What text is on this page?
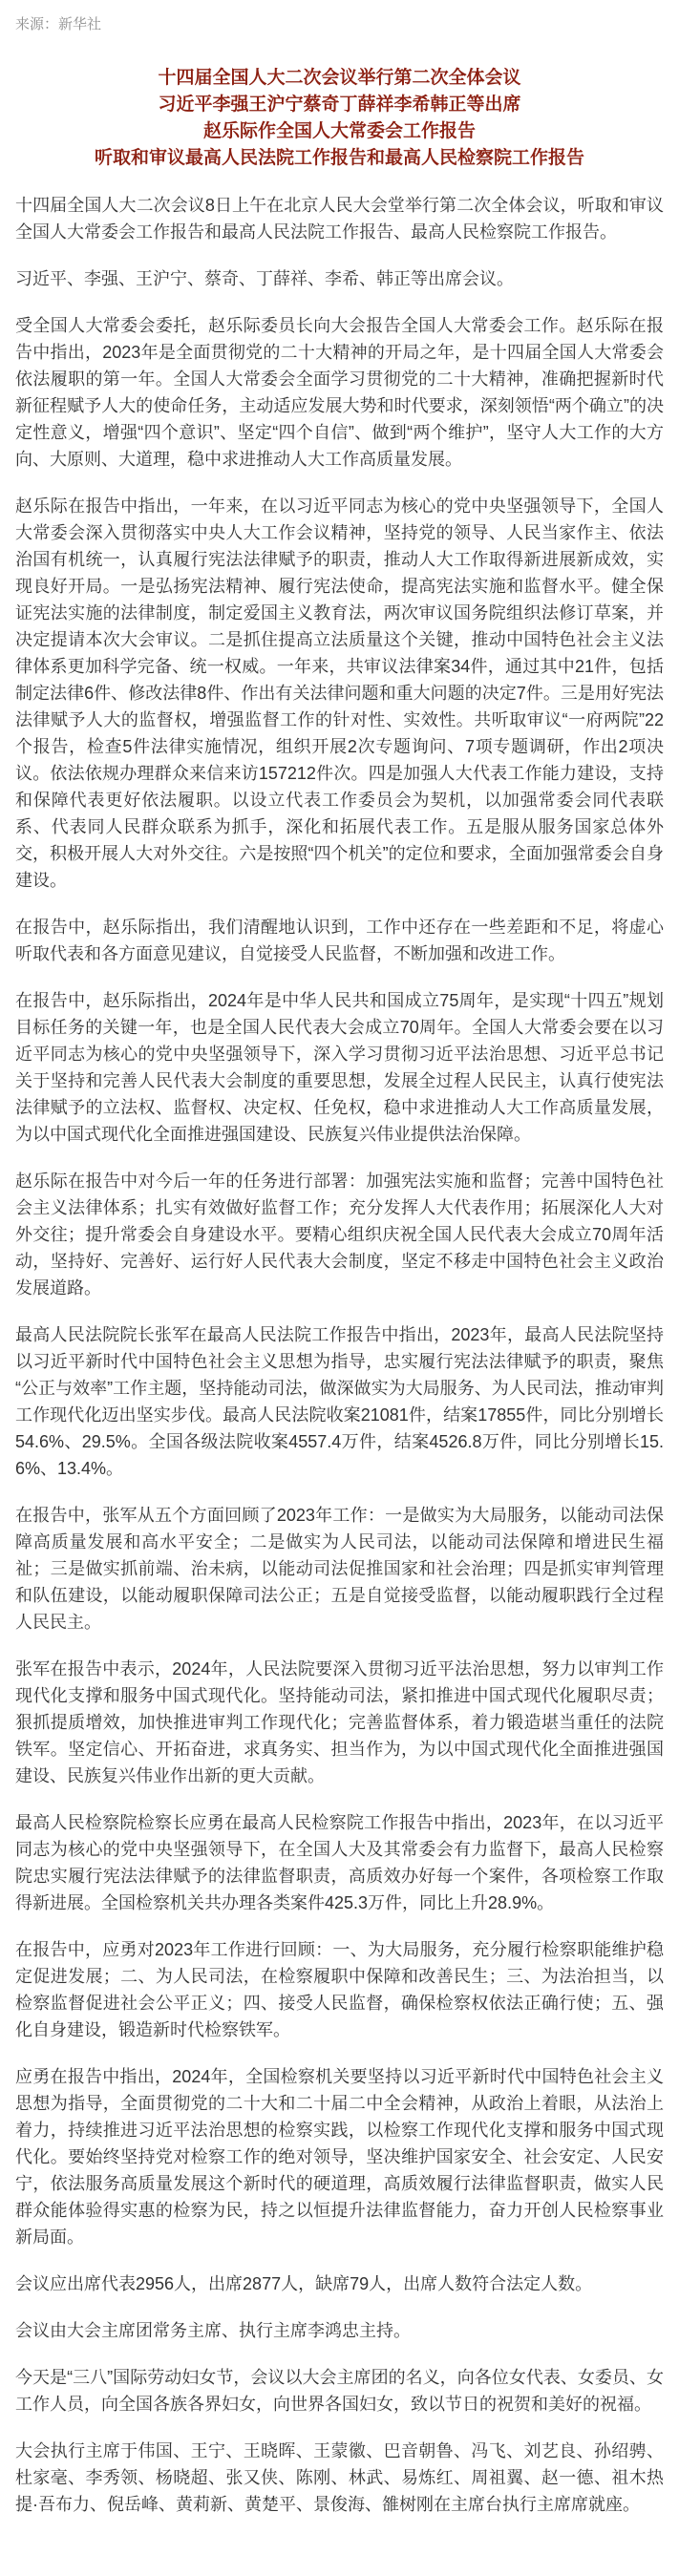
来源：新华社
十四届全国人大二次会议举行第二次全体会议
习近平李强王沪宁蔡奇丁薛祥李希韩正等出席
赵乐际作全国人大常委会工作报告
听取和审议最高人民法院工作报告和最高人民检察院工作报告

十四届全国人大二次会议8日上午在北京人民大会堂举行第二次全体会议，听取和审议全国人大常委会工作报告和最高人民法院工作报告、最高人民检察院工作报告。

习近平、李强、王沪宁、蔡奇、丁薛祥、李希、韩正等出席会议。

受全国人大常委会委托，赵乐际委员长向大会报告全国人大常委会工作。赵乐际在报告中指出，2023年是全面贯彻党的二十大精神的开局之年，是十四届全国人大常委会依法履职的第一年。全国人大常委会全面学习贯彻党的二十大精神，准确把握新时代新征程赋予人大的使命任务，主动适应发展大势和时代要求，深刻领悟“两个确立”的决定性意义，增强“四个意识”、坚定“四个自信”、做到“两个维护”，坚守人大工作的大方向、大原则、大道理，稳中求进推动人大工作高质量发展。

赵乐际在报告中指出，一年来，在以习近平同志为核心的党中央坚强领导下，全国人大常委会深入贯彻落实中央人大工作会议精神，坚持党的领导、人民当家作主、依法治国有机统一，认真履行宪法法律赋予的职责，推动人大工作取得新进展新成效，实现良好开局。一是弘扬宪法精神、履行宪法使命，提高宪法实施和监督水平。健全保证宪法实施的法律制度，制定爱国主义教育法，两次审议国务院组织法修订草案，并决定提请本次大会审议。二是抓住提高立法质量这个关键，推动中国特色社会主义法律体系更加科学完备、统一权威。一年来，共审议法律案34件，通过其中21件，包括制定法律6件、修改法律8件、作出有关法律问题和重大问题的决定7件。三是用好宪法法律赋予人大的监督权，增强监督工作的针对性、实效性。共听取审议“一府两院”22个报告，检查5件法律实施情况，组织开展2次专题询问、7项专题调研，作出2项决议。依法依规办理群众来信来访157212件次。四是加强人大代表工作能力建设，支持和保障代表更好依法履职。以设立代表工作委员会为契机，以加强常委会同代表联系、代表同人民群众联系为抓手，深化和拓展代表工作。五是服从服务国家总体外交，积极开展人大对外交往。六是按照“四个机关”的定位和要求，全面加强常委会自身建设。

在报告中，赵乐际指出，我们清醒地认识到，工作中还存在一些差距和不足，将虚心听取代表和各方面意见建议，自觉接受人民监督，不断加强和改进工作。

在报告中，赵乐际指出，2024年是中华人民共和国成立75周年，是实现“十四五”规划目标任务的关键一年，也是全国人民代表大会成立70周年。全国人大常委会要在以习近平同志为核心的党中央坚强领导下，深入学习贯彻习近平法治思想、习近平总书记关于坚持和完善人民代表大会制度的重要思想，发展全过程人民民主，认真行使宪法法律赋予的立法权、监督权、决定权、任免权，稳中求进推动人大工作高质量发展，为以中国式现代化全面推进强国建设、民族复兴伟业提供法治保障。

赵乐际在报告中对今后一年的任务进行部署：加强宪法实施和监督；完善中国特色社会主义法律体系；扎实有效做好监督工作；充分发挥人大代表作用；拓展深化人大对外交往；提升常委会自身建设水平。要精心组织庆祝全国人民代表大会成立70周年活动，坚持好、完善好、运行好人民代表大会制度，坚定不移走中国特色社会主义政治发展道路。

最高人民法院院长张军在最高人民法院工作报告中指出，2023年，最高人民法院坚持以习近平新时代中国特色社会主义思想为指导，忠实履行宪法法律赋予的职责，聚焦“公正与效率”工作主题，坚持能动司法，做深做实为大局服务、为人民司法，推动审判工作现代化迈出坚实步伐。最高人民法院收案21081件，结案17855件，同比分别增长54.6%、29.5%。全国各级法院收案4557.4万件，结案4526.8万件，同比分别增长15.6%、13.4%。

在报告中，张军从五个方面回顾了2023年工作：一是做实为大局服务，以能动司法保障高质量发展和高水平安全；二是做实为人民司法，以能动司法保障和增进民生福祉；三是做实抓前端、治未病，以能动司法促推国家和社会治理；四是抓实审判管理和队伍建设，以能动履职保障司法公正；五是自觉接受监督，以能动履职践行全过程人民民主。

张军在报告中表示，2024年，人民法院要深入贯彻习近平法治思想，努力以审判工作现代化支撑和服务中国式现代化。坚持能动司法，紧扣推进中国式现代化履职尽责；狠抓提质增效，加快推进审判工作现代化；完善监督体系，着力锻造堪当重任的法院铁军。坚定信心、开拓奋进，求真务实、担当作为，为以中国式现代化全面推进强国建设、民族复兴伟业作出新的更大贡献。

最高人民检察院检察长应勇在最高人民检察院工作报告中指出，2023年，在以习近平同志为核心的党中央坚强领导下，在全国人大及其常委会有力监督下，最高人民检察院忠实履行宪法法律赋予的法律监督职责，高质效办好每一个案件，各项检察工作取得新进展。全国检察机关共办理各类案件425.3万件，同比上升28.9%。

在报告中，应勇对2023年工作进行回顾：一、为大局服务，充分履行检察职能维护稳定促进发展；二、为人民司法，在检察履职中保障和改善民生；三、为法治担当，以检察监督促进社会公平正义；四、接受人民监督，确保检察权依法正确行使；五、强化自身建设，锻造新时代检察铁军。

应勇在报告中指出，2024年，全国检察机关要坚持以习近平新时代中国特色社会主义思想为指导，全面贯彻党的二十大和二十届二中全会精神，从政治上着眼，从法治上着力，持续推进习近平法治思想的检察实践，以检察工作现代化支撑和服务中国式现代化。要始终坚持党对检察工作的绝对领导，坚决维护国家安全、社会安定、人民安宁，依法服务高质量发展这个新时代的硬道理，高质效履行法律监督职责，做实人民群众能体验得实惠的检察为民，持之以恒提升法律监督能力，奋力开创人民检察事业新局面。

会议应出席代表2956人，出席2877人，缺席79人，出席人数符合法定人数。

会议由大会主席团常务主席、执行主席李鸿忠主持。

今天是“三八”国际劳动妇女节，会议以大会主席团的名义，向各位女代表、女委员、女工作人员，向全国各族各界妇女，向世界各国妇女，致以节日的祝贺和美好的祝福。

大会执行主席于伟国、王宁、王晓晖、王蒙徽、巴音朝鲁、冯飞、刘艺良、孙绍骋、杜家毫、李秀领、杨晓超、张又侠、陈刚、林武、易炼红、周祖翼、赵一德、祖木热提·吾布力、倪岳峰、黄莉新、黄楚平、景俊海、雒树刚在主席台执行主席席就座。
